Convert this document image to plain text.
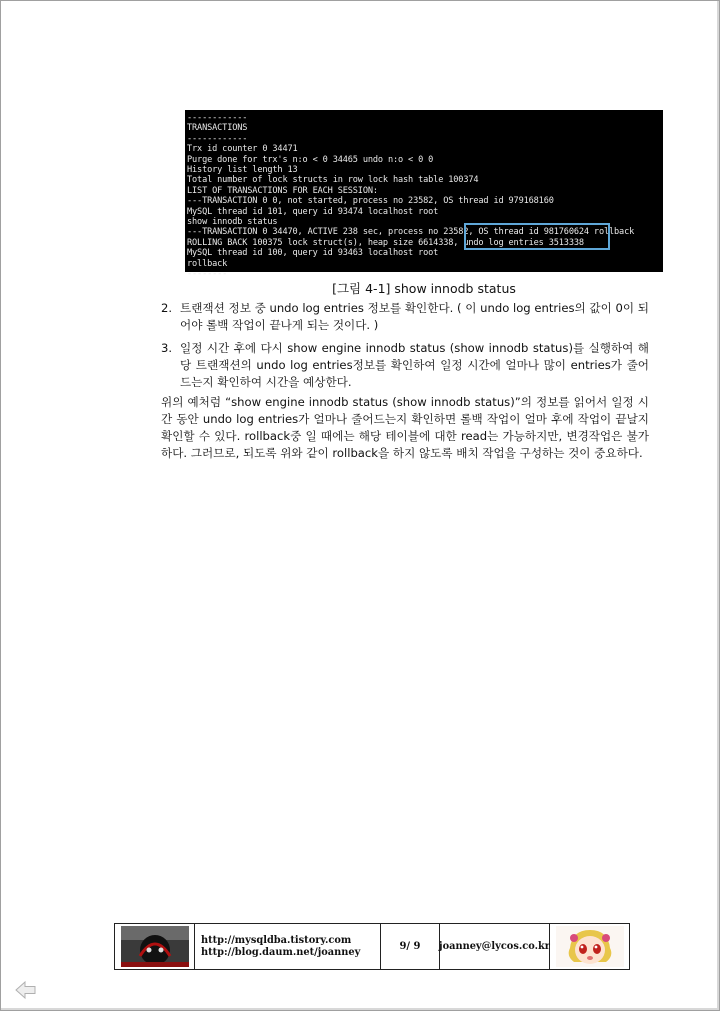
------------
TRANSACTIONS
------------
Trx id counter 0 34471
Purge done for trx's n:o < 0 34465 undo n:o < 0 0
History list length 13
Total number of lock structs in row lock hash table 100374
LIST OF TRANSACTIONS FOR EACH SESSION:
---TRANSACTION 0 0, not started, process no 23582, OS thread id 979168160
MySQL thread id 101, query id 93474 localhost root
show innodb status
---TRANSACTION 0 34470, ACTIVE 238 sec, process no 23582, OS thread id 981760624 rollback
ROLLING BACK 100375 lock struct(s), heap size 6614338, undo log entries 3513338
MySQL thread id 100, query id 93463 localhost root
rollback
--------
[그림 4-1] show innodb status
2. 트랜잭션 정보 중 undo log entries 정보를 확인한다. ( 이 undo log entries의 값이 0이 되어야 롤백 작업이 끝나게 되는 것이다. )
3. 일정 시간 후에 다시 show engine innodb status (show innodb status)를 실행하여 해당 트랜잭션의 undo log entries정보를 확인하여 일정 시간에 얼마나 많이 entries가 줄어드는지 확인하여 시간을 예상한다.
위의 예처럼 “show engine innodb status (show innodb status)”의 정보를 읽어서 일정 시간 동안 undo log entries가 얼마나 줄어드는지 확인하면 롤백 작업이 얼마 후에 작업이 끝날지 확인할 수 있다. rollback중 일 때에는 해당 테이블에 대한 read는 가능하지만, 변경작업은 불가하다. 그러므로, 되도록 위와 같이 rollback을 하지 않도록 배치 작업을 구성하는 것이 중요하다.
http://mysqldba.tistory.com
http://blog.daum.net/joanney	9/ 9 joanney@lycos.co.kr
